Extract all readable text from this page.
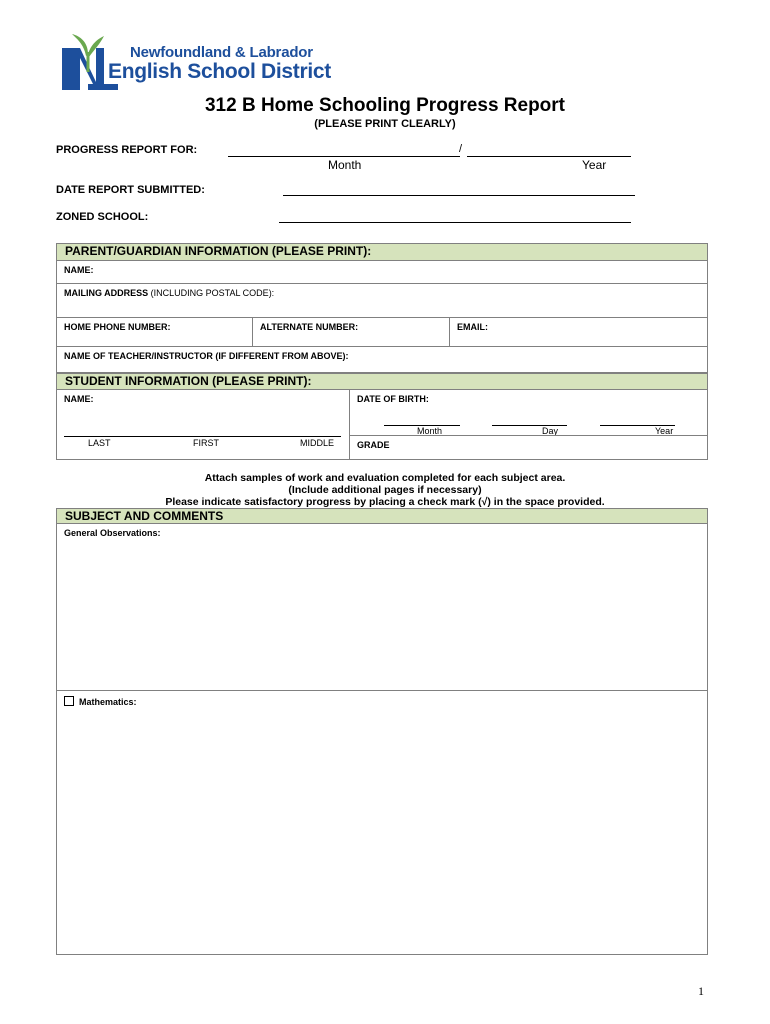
Newfoundland & Labrador
English School District
312 B Home Schooling Progress Report
(PLEASE PRINT CLEARLY)
PROGRESS REPORT FOR:	/
Month	Year
DATE REPORT SUBMITTED:
ZONED SCHOOL:
PARENT/GUARDIAN INFORMATION (PLEASE PRINT):
NAME:
MAILING ADDRESS (INCLUDING POSTAL CODE):
HOME PHONE NUMBER:	ALTERNATE NUMBER:	EMAIL:
NAME OF TEACHER/INSTRUCTOR (IF DIFFERENT FROM ABOVE):
STUDENT INFORMATION (PLEASE PRINT):
NAME:
LAST	FIRST	MIDDLE
DATE OF BIRTH:
Month	Day	Year
GRADE
Attach samples of work and evaluation completed for each subject area.
(Include additional pages if necessary)
Please indicate satisfactory progress by placing a check mark (√) in the space provided.
SUBJECT AND COMMENTS
General Observations:
Mathematics:
1
